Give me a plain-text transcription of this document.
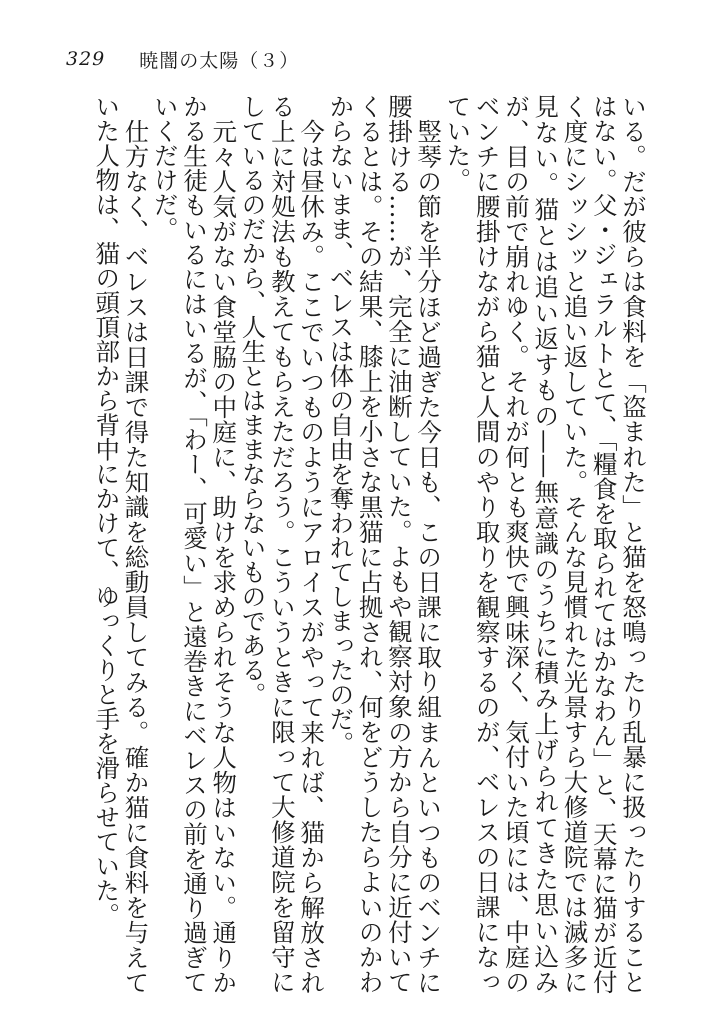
329 暁闇の太陽（３）

いる。だが彼らは食料を「盗まれた」と猫を怒鳴ったり乱暴に扱ったりすることはない。父・ジェラルトとて、「糧食を取られてはかなわん」と、天幕に猫が近付く度にシッシッと追い返していた。そんな見慣れた光景すら大修道院では滅多に見ない。猫とは追い返すもの——無意識のうちに積み上げられてきた思い込みが、目の前で崩れゆく。それが何とも爽快で興味深く、気付いた頃には、中庭のベンチに腰掛けながら猫と人間のやり取りを観察するのが、ベレスの日課になっていた。

竪琴の節を半分ほど過ぎた今日も、この日課に取り組まんといつものベンチに腰掛ける……が、完全に油断していた。よもや観察対象の方から自分に近付いてくるとは。その結果、膝上を小さな黒猫に占拠され、何をどうしたらよいのかわからないまま、ベレスは体の自由を奪われてしまったのだ。

今は昼休み。ここでいつものようにアロイスがやって来れば、猫から解放される上に対処法も教えてもらえただろう。こういうときに限って大修道院を留守にしているのだから、人生とはままならないものである。

元々人気がない食堂脇の中庭に、助けを求められそうな人物はいない。通りかかる生徒もいるにはいるが、「わー、可愛い」と遠巻きにベレスの前を通り過ぎていくだけだ。

仕方なく、ベレスは日課で得た知識を総動員してみる。確か猫に食料を与えていた人物は、猫の頭頂部から背中にかけて、ゆっくりと手を滑らせていた。
